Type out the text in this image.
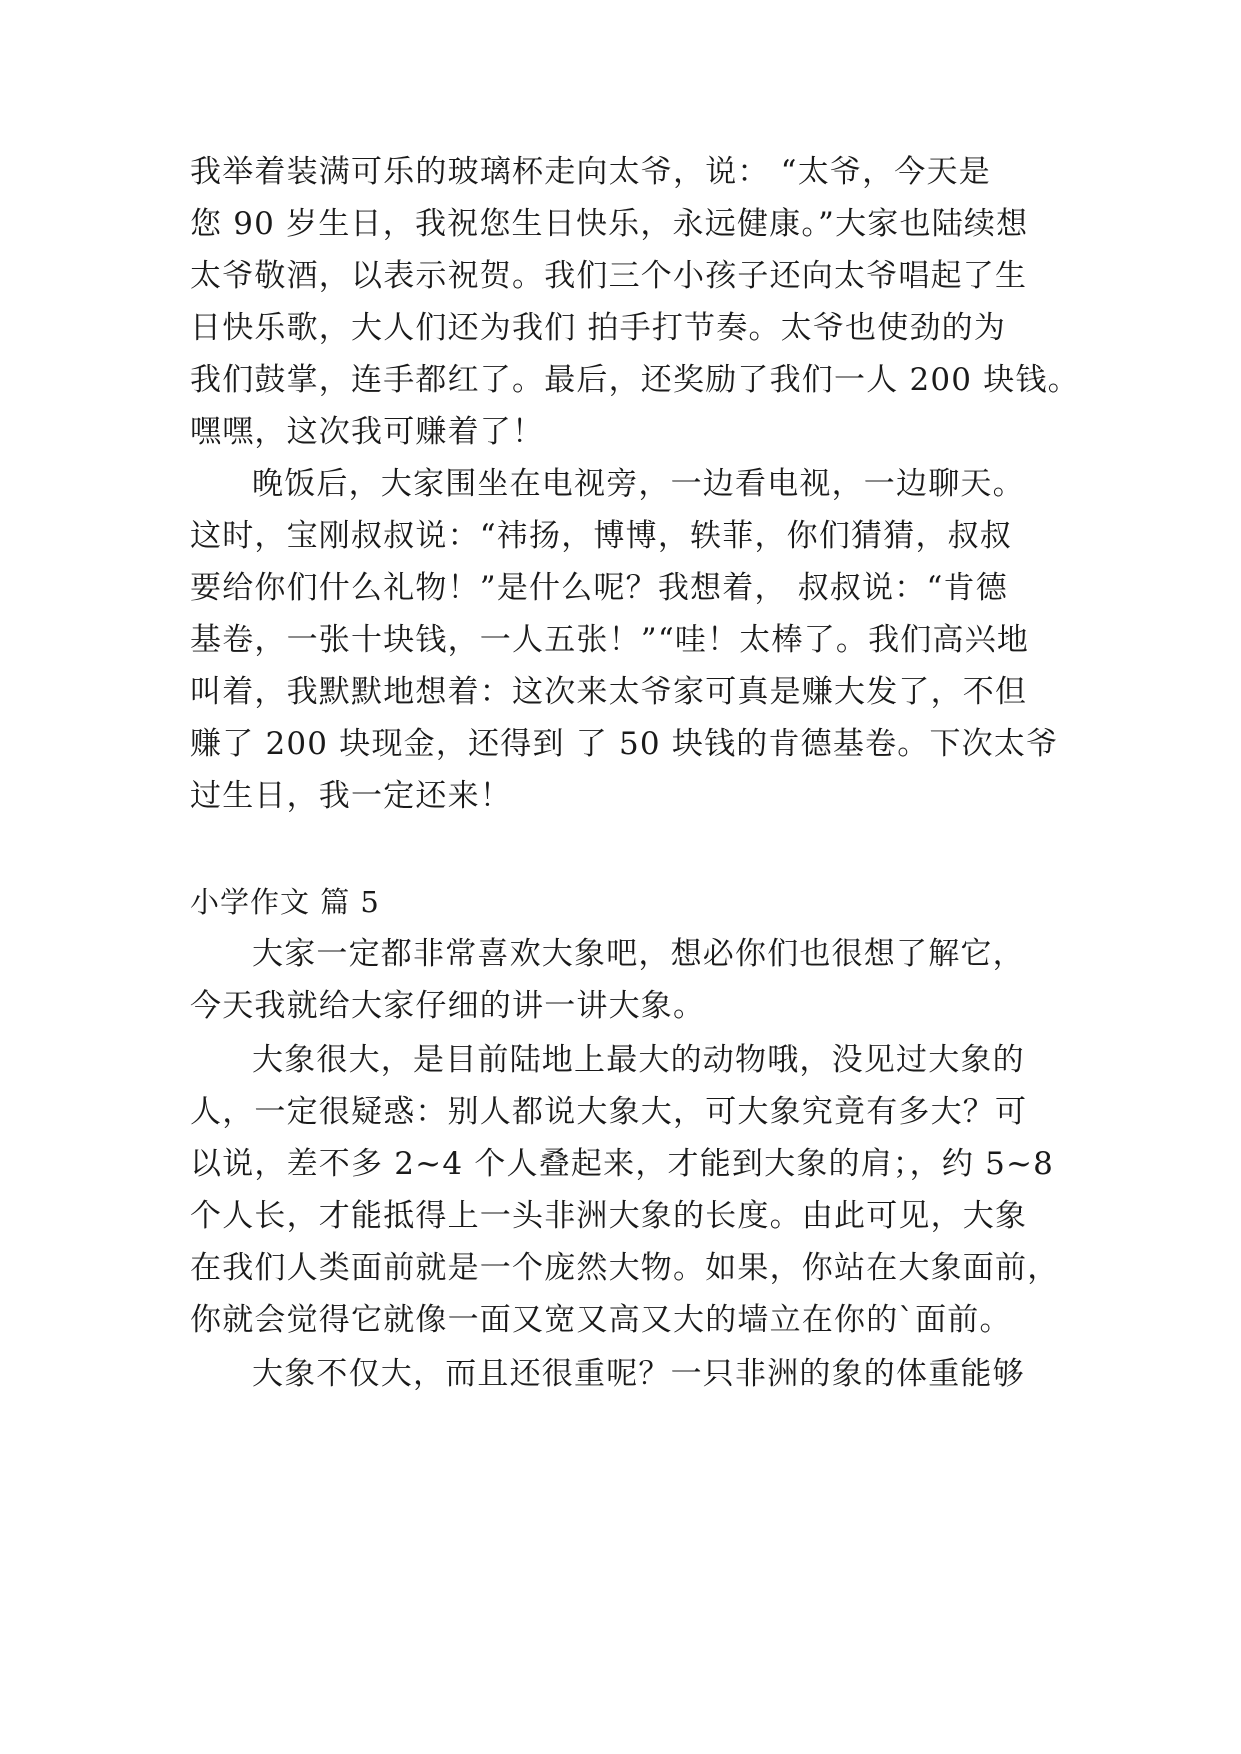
我举着装满可乐的玻璃杯走向太爷，说： “太爷，今天是
您 90 岁生日，我祝您生日快乐，永远健康。”大家也陆续想
太爷敬酒，以表示祝贺。我们三个小孩子还向太爷唱起了生
日快乐歌，大人们还为我们 拍手打节奏。太爷也使劲的为
我们鼓掌，连手都红了。最后，还奖励了我们一人 200 块钱。
嘿嘿，这次我可赚着了！
晚饭后，大家围坐在电视旁，一边看电视，一边聊天。
这时，宝刚叔叔说：“祎扬，博博，轶菲，你们猜猜，叔叔
要给你们什么礼物！”是什么呢？我想着， 叔叔说：“肯德
基卷，一张十块钱，一人五张！”“哇！太棒了。我们高兴地
叫着，我默默地想着：这次来太爷家可真是赚大发了，不但
赚了 200 块现金，还得到 了 50 块钱的肯德基卷。下次太爷
过生日，我一定还来！
小学作文 篇 5
大家一定都非常喜欢大象吧，想必你们也很想了解它，
今天我就给大家仔细的讲一讲大象。
大象很大，是目前陆地上最大的动物哦，没见过大象的
人，一定很疑惑：别人都说大象大，可大象究竟有多大？可
以说，差不多 2~4 个人叠起来，才能到大象的肩；，约 5~8
个人长，才能抵得上一头非洲大象的长度。由此可见，大象
在我们人类面前就是一个庞然大物。如果，你站在大象面前，
你就会觉得它就像一面又宽又高又大的墙立在你的`面前。
大象不仅大，而且还很重呢？一只非洲的象的体重能够
